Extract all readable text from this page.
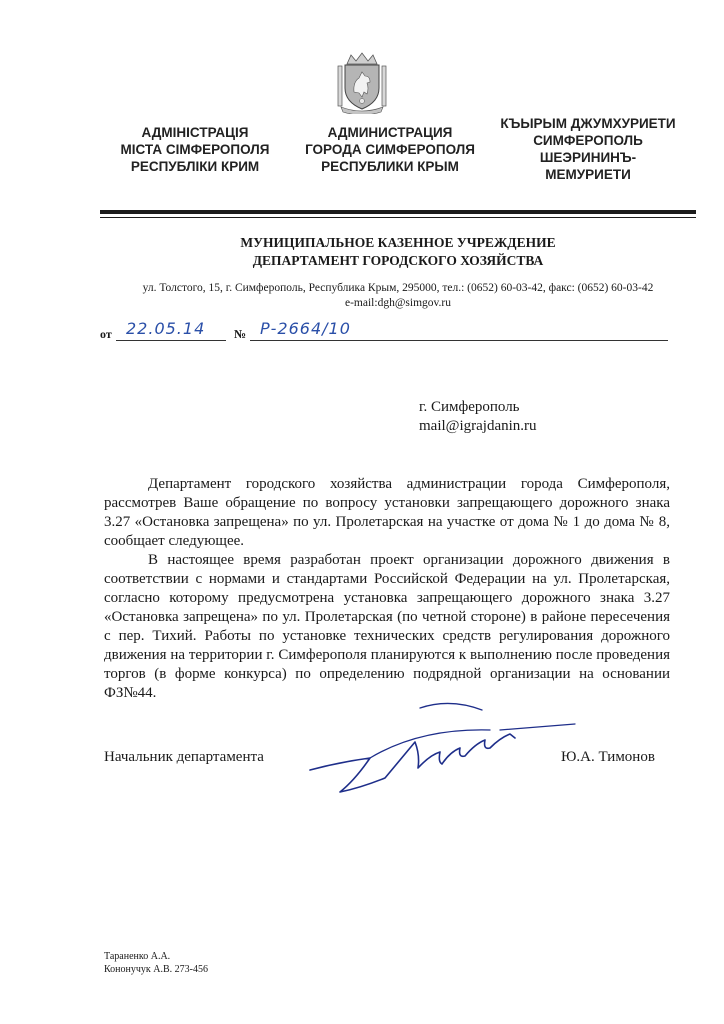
АДМІНІСТРАЦІЯ
МІСТА СІМФЕРОПОЛЯ
РЕСПУБЛІКИ КРИМ
АДМИНИСТРАЦИЯ
ГОРОДА СИМФЕРОПОЛЯ
РЕСПУБЛИКИ КРЫМ
КЪЫРЫМ ДЖУМХУРИЕТИ
СИМФЕРОПОЛЬ
ШЕЭРИНИНЪ-
МЕМУРИЕТИ
МУНИЦИПАЛЬНОЕ КАЗЕННОЕ УЧРЕЖДЕНИЕ
ДЕПАРТАМЕНТ ГОРОДСКОГО ХОЗЯЙСТВА
ул. Толстого, 15, г. Симферополь, Республика Крым, 295000, тел.: (0652) 60-03-42, факс: (0652) 60-03-42
e-mail:dgh@simgov.ru
от 22.05.14 № Р-2664/10
г. Симферополь
mail@igrajdanin.ru

Департамент городского хозяйства администрации города Симферополя, рассмотрев Ваше обращение по вопросу установки запрещающего дорожного знака 3.27 «Остановка запрещена» по ул. Пролетарская на участке от дома № 1 до дома № 8, сообщает следующее.

В настоящее время разработан проект организации дорожного движения в соответствии с нормами и стандартами Российской Федерации на ул. Пролетарская, согласно которому предусмотрена установка запрещающего дорожного знака 3.27 «Остановка запрещена» по ул. Пролетарская (по четной стороне) в районе пересечения с пер. Тихий. Работы по установке технических средств регулирования дорожного движения на территории г. Симферополя планируются к выполнению после проведения торгов (в форме конкурса) по определению подрядной организации на основании ФЗ№44.

Начальник департамента	Ю.А. Тимонов
Тараненко А.А.
Кононучук А.В. 273-456
